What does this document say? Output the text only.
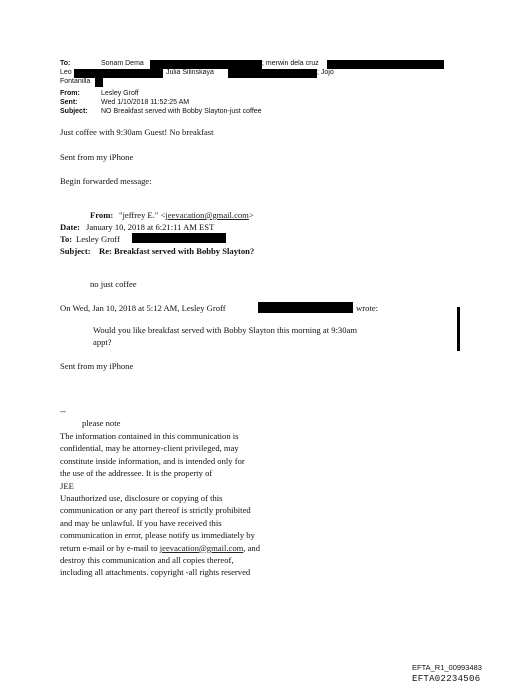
To:	Sonam Dema	; merwin dela cruz
Leo	Julia Silinskaya	; Jojo
Fontanilla
From:	Lesley Groff
Sent:	Wed 1/10/2018 11:52:25 AM
Subject: NO Breakfast served with Bobby Slayton-just coffee
Just coffee with 9:30am Guest! No breakfast
Sent from my iPhone
Begin forwarded message:
From: "jeffrey E." <jeevacation@gmail.com>
Date: January 10, 2018 at 6:21:11 AM EST
To: Lesley Groff
Subject: Re: Breakfast served with Bobby Slayton?
no just coffee
On Wed, Jan 10, 2018 at 5:12 AM, Lesley Groff	wrote:
Would you like breakfast served with Bobby Slayton this morning at 9:30am
appt?
Sent from my iPhone
--
please note
The information contained in this communication is
confidential, may be attorney-client privileged, may
constitute inside information, and is intended only for
the use of the addressee. It is the property of
JEE
Unauthorized use, disclosure or copying of this
communication or any part thereof is strictly prohibited
and may be unlawful. If you have received this
communication in error, please notify us immediately by
return e-mail or by e-mail to jeevacation@gmail.com, and
destroy this communication and all copies thereof,
including all attachments. copyright -all rights reserved
EFTA_R1_00993483
EFTA02234506
